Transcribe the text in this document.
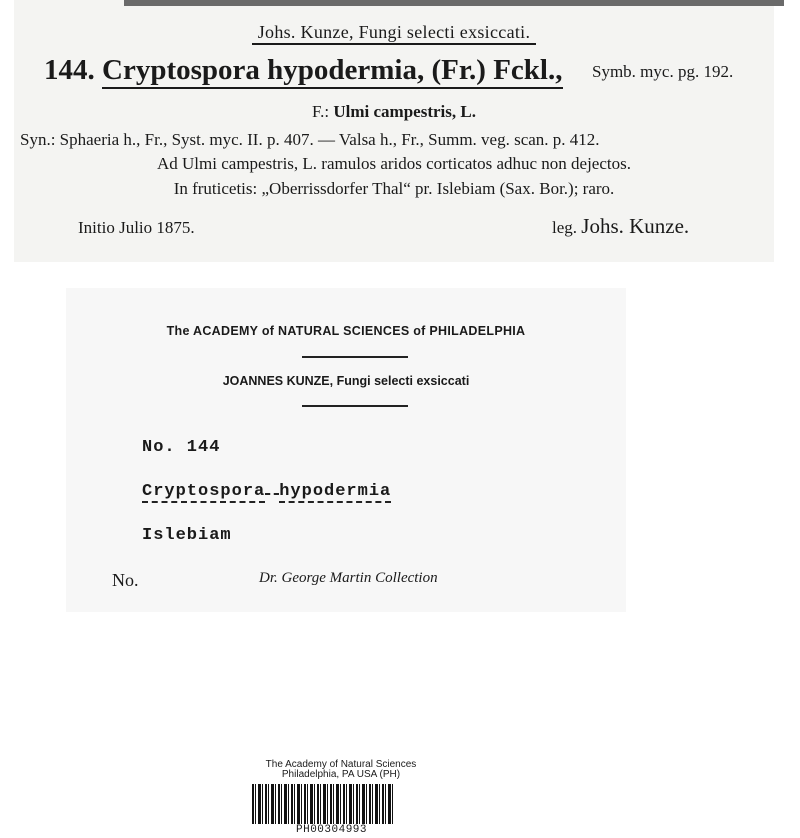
Johs. Kunze, Fungi selecti exsiccati.
144. Cryptospora hypodermia, (Fr.) Fckl., Symb. myc. pg. 192.
F.: Ulmi campestris, L.
Syn.: Sphaeria h., Fr., Syst. myc. II. p. 407. — Valsa h., Fr., Summ. veg. scan. p. 412.
Ad Ulmi campestris, L. ramulos aridos corticatos adhuc non dejectos.
In fruticetis: „Oberrissdorfer Thal“ pr. Islebiam (Sax. Bor.); raro.
Initio Julio 1875.	leg. Johs. Kunze.
The ACADEMY of NATURAL SCIENCES of PHILADELPHIA
JOANNES KUNZE, Fungi selecti exsiccati
No. 144
Cryptospora hypodermia
Islebiam
No.	Dr. George Martin Collection
The Academy of Natural Sciences
Philadelphia, PA USA (PH)
PH00304993
